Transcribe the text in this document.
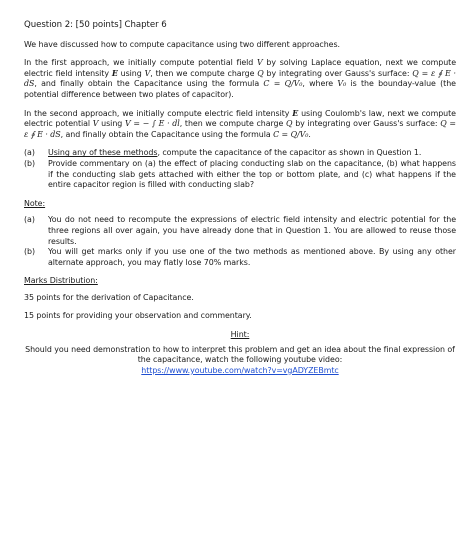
Question 2: [50 points] Chapter 6
We have discussed how to compute capacitance using two different approaches.
In the first approach, we initially compute potential field V by solving Laplace equation, next we compute electric field intensity E using V, then we compute charge Q by integrating over Gauss's surface: Q = ε ∮ E · dS, and finally obtain the Capacitance using the formula C = Q/V₀, where V₀ is the bounday-value (the potential difference between two plates of capacitor).
In the second approach, we initially compute electric field intensity E using Coulomb's law, next we compute electric potential V using V = − ∫ E · dl, then we compute charge Q by integrating over Gauss's surface: Q = ε ∮ E · dS, and finally obtain the Capacitance using the formula C = Q/V₀.
(a)	Using any of these methods, compute the capacitance of the capacitor as shown in Question 1.
(b)	Provide commentary on (a) the effect of placing conducting slab on the capacitance, (b) what happens if the conducting slab gets attached with either the top or bottom plate, and (c) what happens if the entire capacitor region is filled with conducting slab?
Note:
(a)	You do not need to recompute the expressions of electric field intensity and electric potential for the three regions all over again, you have already done that in Question 1. You are allowed to reuse those results.
(b)	You will get marks only if you use one of the two methods as mentioned above. By using any other alternate approach, you may flatly lose 70% marks.
Marks Distribution:
35 points for the derivation of Capacitance.
15 points for providing your observation and commentary.
Hint:
Should you need demonstration to how to interpret this problem and get an idea about the final expression of the capacitance, watch the following youtube video:
https://www.youtube.com/watch?v=vgADYZEBmtc
